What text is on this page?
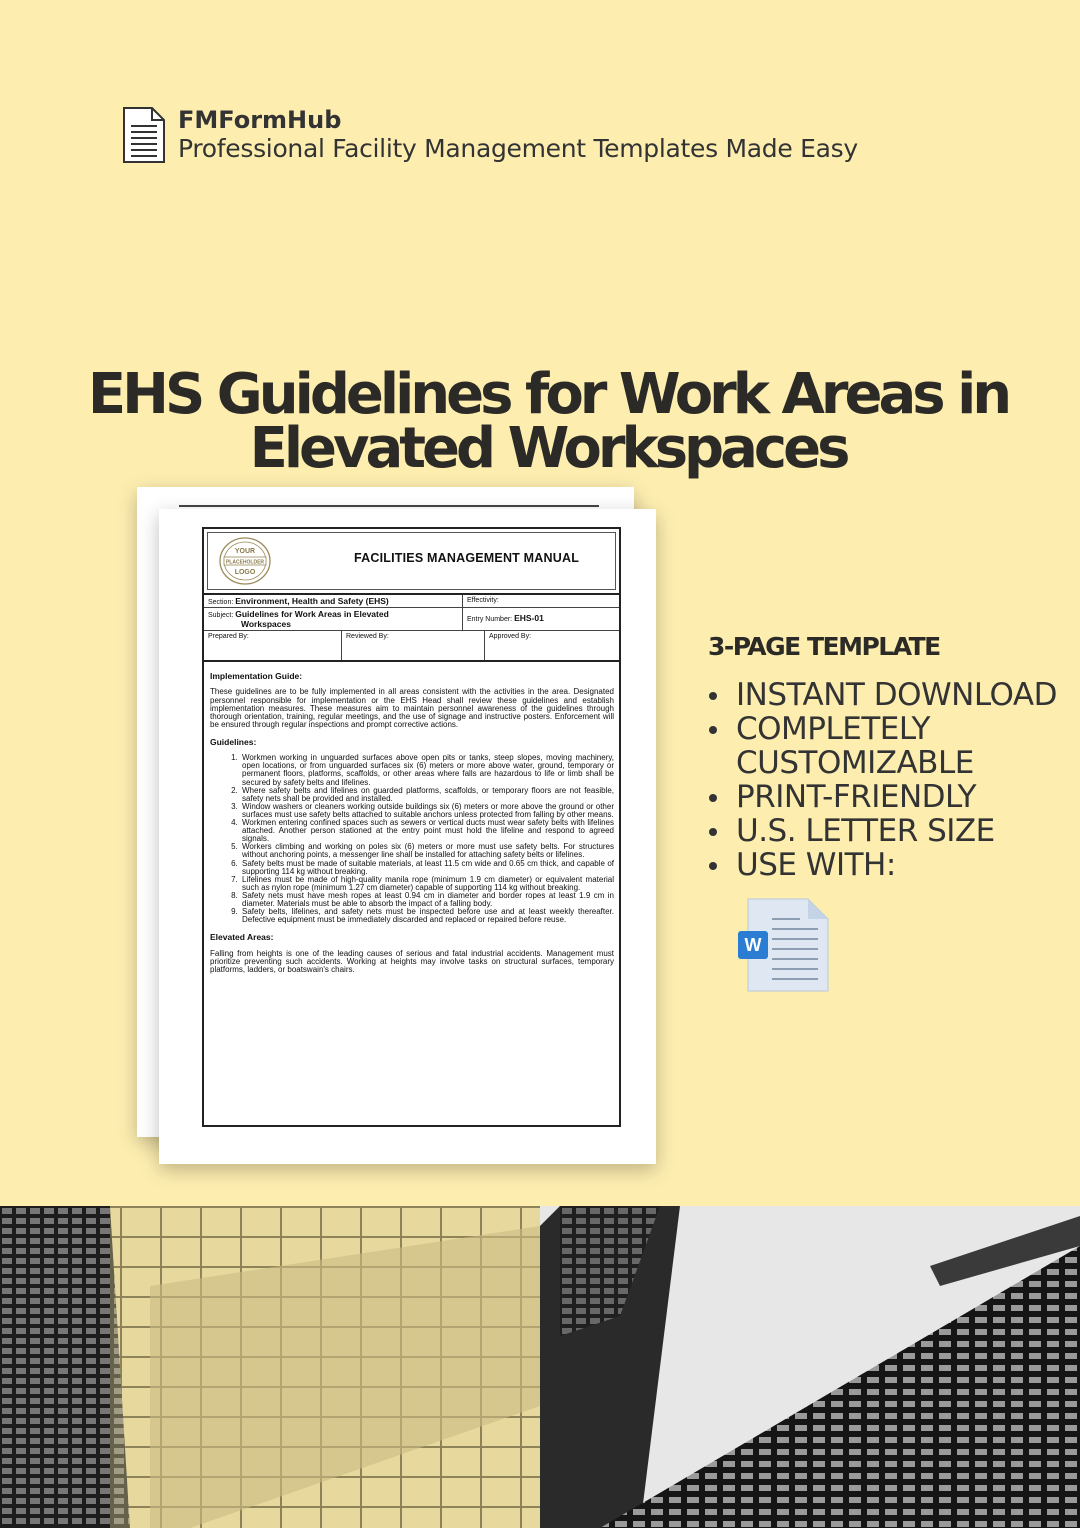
FMFormHub
Professional Facility Management Templates Made Easy
EHS Guidelines for Work Areas in
Elevated Workspaces
YOUR
PLACEHOLDER
LOGO
FACILITIES MANAGEMENT MANUAL
Section: Environment, Health and Safety (EHS)	Effectivity:
Subject: Guidelines for Work Areas in Elevated
Workspaces	Entry Number: EHS-01
Prepared By:	Reviewed By:	Approved By:
Implementation Guide:

These guidelines are to be fully implemented in all areas consistent with the activities in the area. Designated personnel responsible for implementation or the EHS Head shall review these guidelines and establish implementation measures. These measures aim to maintain personnel awareness of the guidelines through thorough orientation, training, regular meetings, and the use of signage and instructive posters. Enforcement will be ensured through regular inspections and prompt corrective actions.

Guidelines:
1. Workmen working in unguarded surfaces above open pits or tanks, steep slopes, moving machinery, open locations, or from unguarded surfaces six (6) meters or more above water, ground, temporary or permanent floors, platforms, scaffolds, or other areas where falls are hazardous to life or limb shall be secured by safety belts and lifelines.
2. Where safety belts and lifelines on guarded platforms, scaffolds, or temporary floors are not feasible, safety nets shall be provided and installed.
3. Window washers or cleaners working outside buildings six (6) meters or more above the ground or other surfaces must use safety belts attached to suitable anchors unless protected from falling by other means.
4. Workmen entering confined spaces such as sewers or vertical ducts must wear safety belts with lifelines attached. Another person stationed at the entry point must hold the lifeline and respond to agreed signals.
5. Workers climbing and working on poles six (6) meters or more must use safety belts. For structures without anchoring points, a messenger line shall be installed for attaching safety belts or lifelines.
6. Safety belts must be made of suitable materials, at least 11.5 cm wide and 0.65 cm thick, and capable of supporting 114 kg without breaking.
7. Lifelines must be made of high-quality manila rope (minimum 1.9 cm diameter) or equivalent material such as nylon rope (minimum 1.27 cm diameter) capable of supporting 114 kg without breaking.
8. Safety nets must have mesh ropes at least 0.94 cm in diameter and border ropes at least 1.9 cm in diameter. Materials must be able to absorb the impact of a falling body.
9. Safety belts, lifelines, and safety nets must be inspected before use and at least weekly thereafter. Defective equipment must be immediately discarded and replaced or repaired before reuse.
Elevated Areas:

Falling from heights is one of the leading causes of serious and fatal industrial accidents. Management must prioritize preventing such accidents. Working at heights may involve tasks on structural surfaces, temporary platforms, ladders, or boatswain's chairs.

3-PAGE TEMPLATE
INSTANT DOWNLOAD
COMPLETELY
CUSTOMIZABLE
PRINT-FRIENDLY
U.S. LETTER SIZE
USE WITH:
W
